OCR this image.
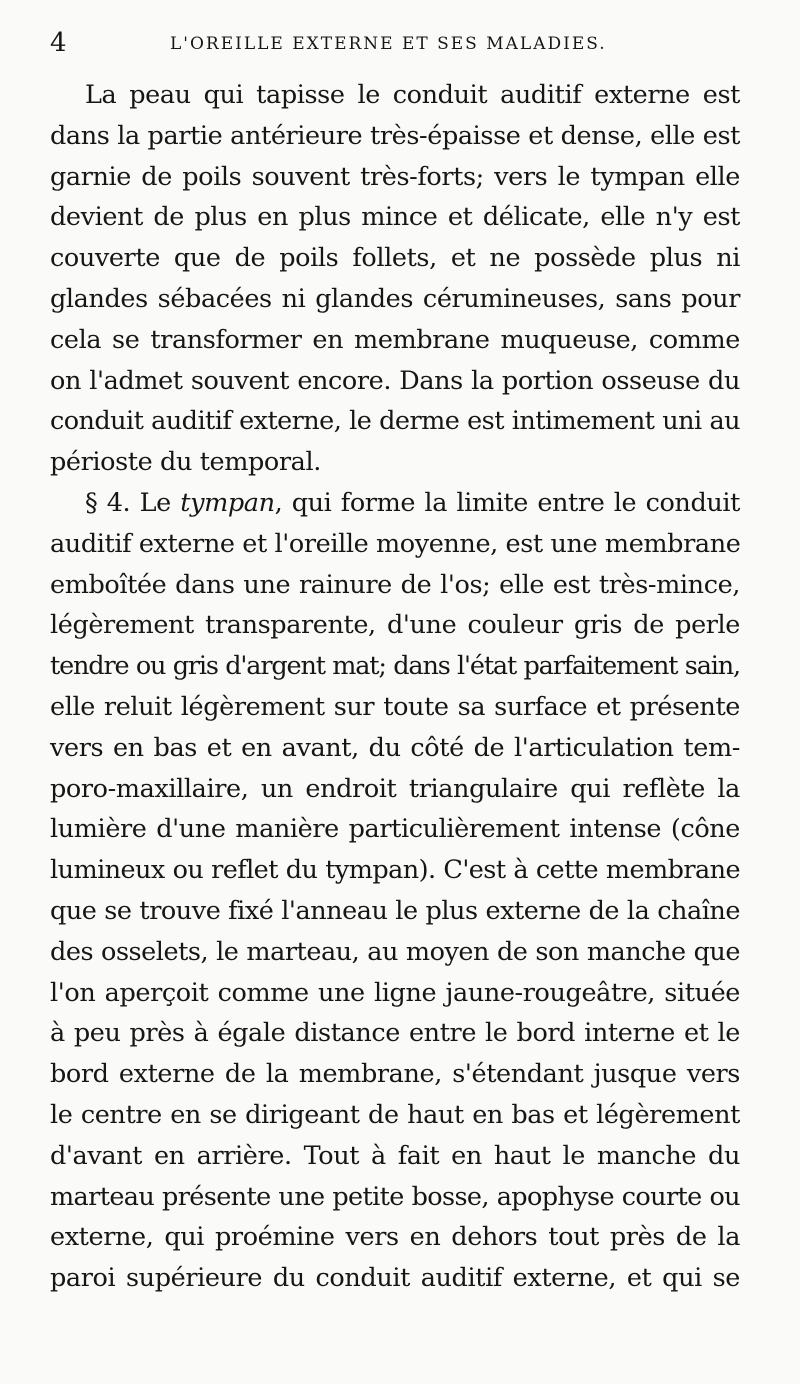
4	L'OREILLE EXTERNE ET SES MALADIES.
La peau qui tapisse le conduit auditif externe est
dans la partie antérieure très-épaisse et dense, elle est
garnie de poils souvent très-forts; vers le tympan elle
devient de plus en plus mince et délicate, elle n'y est
couverte que de poils follets, et ne possède plus ni
glandes sébacées ni glandes cérumineuses, sans pour
cela se transformer en membrane muqueuse, comme
on l'admet souvent encore. Dans la portion osseuse du
conduit auditif externe, le derme est intimement uni au
périoste du temporal.
§ 4. Le tympan, qui forme la limite entre le conduit
auditif externe et l'oreille moyenne, est une membrane
emboîtée dans une rainure de l'os; elle est très-mince,
légèrement transparente, d'une couleur gris de perle
tendre ou gris d'argent mat; dans l'état parfaitement sain,
elle reluit légèrement sur toute sa surface et présente
vers en bas et en avant, du côté de l'articulation tem-
poro-maxillaire, un endroit triangulaire qui reflète la
lumière d'une manière particulièrement intense (cône
lumineux ou reflet du tympan). C'est à cette membrane
que se trouve fixé l'anneau le plus externe de la chaîne
des osselets, le marteau, au moyen de son manche que
l'on aperçoit comme une ligne jaune-rougeâtre, située
à peu près à égale distance entre le bord interne et le
bord externe de la membrane, s'étendant jusque vers
le centre en se dirigeant de haut en bas et légèrement
d'avant en arrière. Tout à fait en haut le manche du
marteau présente une petite bosse, apophyse courte ou
externe, qui proémine vers en dehors tout près de la
paroi supérieure du conduit auditif externe, et qui se
